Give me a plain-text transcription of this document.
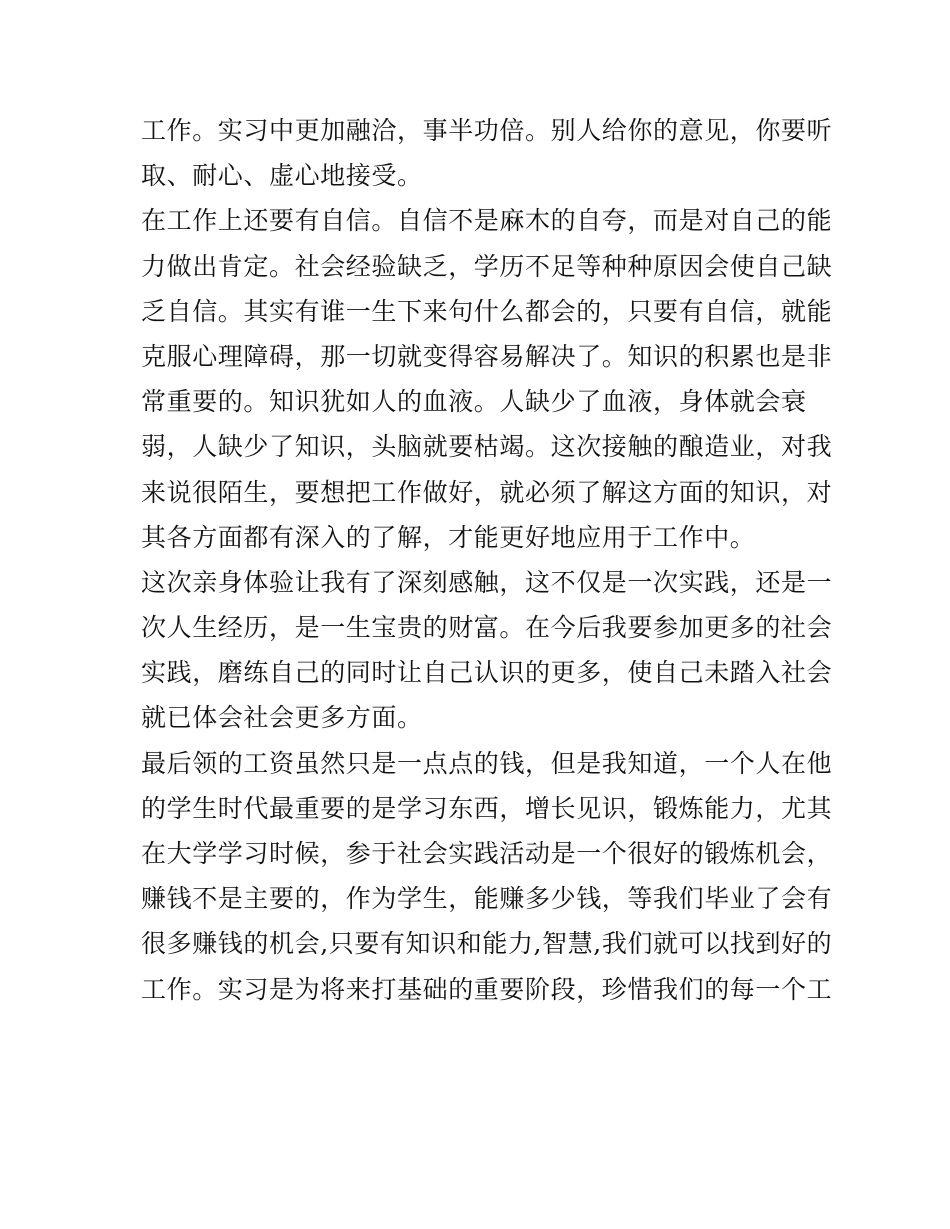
工作。实习中更加融洽，事半功倍。别人给你的意见，你要听
取、耐心、虚心地接受。
在工作上还要有自信。自信不是麻木的自夸，而是对自己的能
力做出肯定。社会经验缺乏，学历不足等种种原因会使自己缺
乏自信。其实有谁一生下来句什么都会的，只要有自信，就能
克服心理障碍，那一切就变得容易解决了。知识的积累也是非
常重要的。知识犹如人的血液。人缺少了血液，身体就会衰
弱，人缺少了知识，头脑就要枯竭。这次接触的酿造业，对我
来说很陌生，要想把工作做好，就必须了解这方面的知识，对
其各方面都有深入的了解，才能更好地应用于工作中。
这次亲身体验让我有了深刻感触，这不仅是一次实践，还是一
次人生经历，是一生宝贵的财富。在今后我要参加更多的社会
实践，磨练自己的同时让自己认识的更多，使自己未踏入社会
就已体会社会更多方面。
最后领的工资虽然只是一点点的钱，但是我知道，一个人在他
的学生时代最重要的是学习东西，增长见识，锻炼能力，尤其
在大学学习时候，参于社会实践活动是一个很好的锻炼机会，
赚钱不是主要的，作为学生，能赚多少钱，等我们毕业了会有
很多赚钱的机会,只要有知识和能力,智慧,我们就可以找到好的
工作。实习是为将来打基础的重要阶段，珍惜我们的每一个工
